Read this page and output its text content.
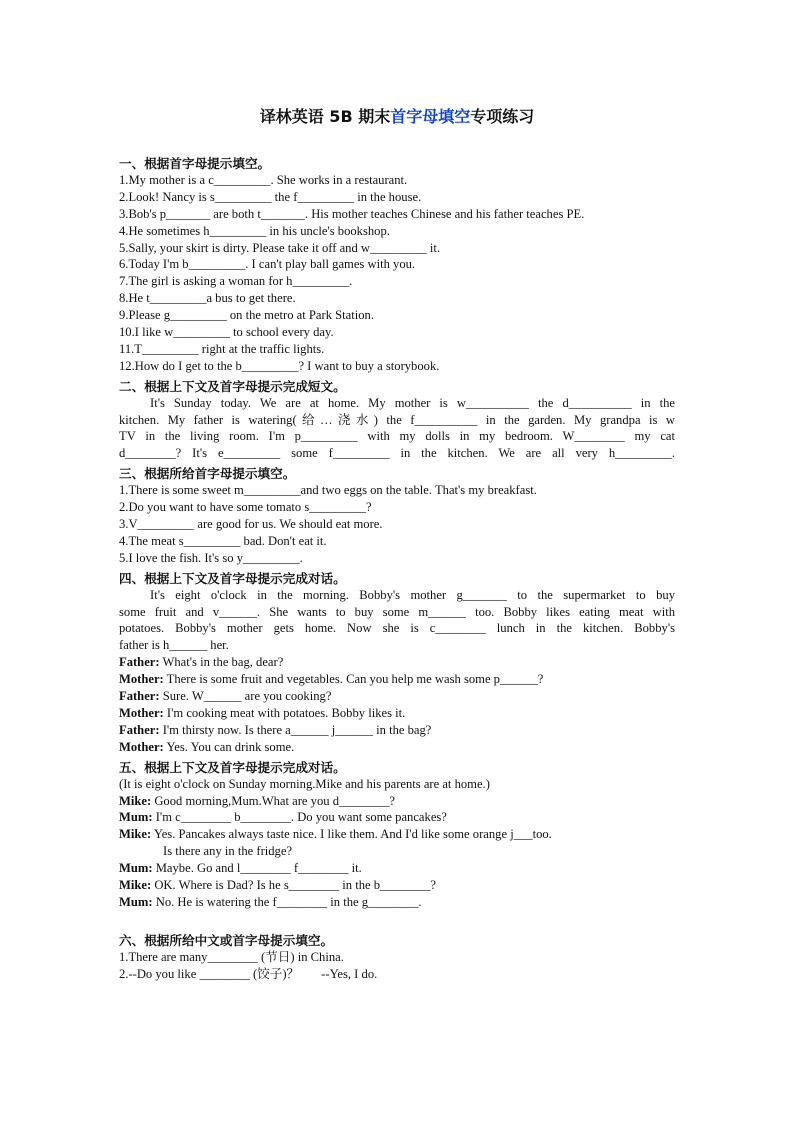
译林英语 5B 期末首字母填空专项练习
一、根据首字母提示填空。
1.My mother is a c_________. She works in a restaurant.
2.Look! Nancy is s_________ the f_________ in the house.
3.Bob's p_______ are both t_______. His mother teaches Chinese and his father teaches PE.
4.He sometimes h_________ in his uncle's bookshop.
5.Sally, your skirt is dirty. Please take it off and w_________ it.
6.Today I'm b_________. I can't play ball games with you.
7.The girl is asking a woman for h_________.
8.He t_________a bus to get there.
9.Please g_________ on the metro at Park Station.
10.I like w_________ to school every day.
11.T_________ right at the traffic lights.
12.How do I get to the b_________? I want to buy a storybook.
二、根据上下文及首字母提示完成短文。
It's Sunday today. We are at home. My mother is w__________ the d__________ in the
kitchen. My father is watering(给…浇水) the f__________ in the garden. My grandpa is w
TV in the living room. I'm p_________ with my dolls in my bedroom. W________ my cat
d________? It's e_________ some f_________ in the kitchen. We are all very h_________.
三、根据所给首字母提示填空。
1.There is some sweet m_________and two eggs on the table. That's my breakfast.
2.Do you want to have some tomato s_________?
3.V_________ are good for us. We should eat more.
4.The meat s_________ bad. Don't eat it.
5.I love the fish. It's so y_________.
四、根据上下文及首字母提示完成对话。
It's eight o'clock in the morning. Bobby's mother g_______ to the supermarket to buy
some fruit and v______. She wants to buy some m______ too. Bobby likes eating meat with
potatoes. Bobby's mother gets home. Now she is c________ lunch in the kitchen. Bobby's
father is h______ her.
Father: What's in the bag, dear?
Mother: There is some fruit and vegetables. Can you help me wash some p______?
Father: Sure. W______ are you cooking?
Mother: I'm cooking meat with potatoes. Bobby likes it.
Father: I'm thirsty now. Is there a______ j______ in the bag?
Mother: Yes. You can drink some.
五、根据上下文及首字母提示完成对话。
(It is eight o'clock on Sunday morning.Mike and his parents are at home.)
Mike: Good morning,Mum.What are you d________?
Mum: I'm c________ b________. Do you want some pancakes?
Mike: Yes. Pancakes always taste nice. I like them. And I'd like some orange j___too.
Is there any in the fridge?
Mum: Maybe. Go and l________ f________ it.
Mike: OK. Where is Dad? Is he s________ in the b________?
Mum: No. He is watering the f________ in the g________.
六、根据所给中文或首字母提示填空。
1.There are many________ (节日) in China.
2.--Do you like ________ (饺子)？       --Yes, I do.
